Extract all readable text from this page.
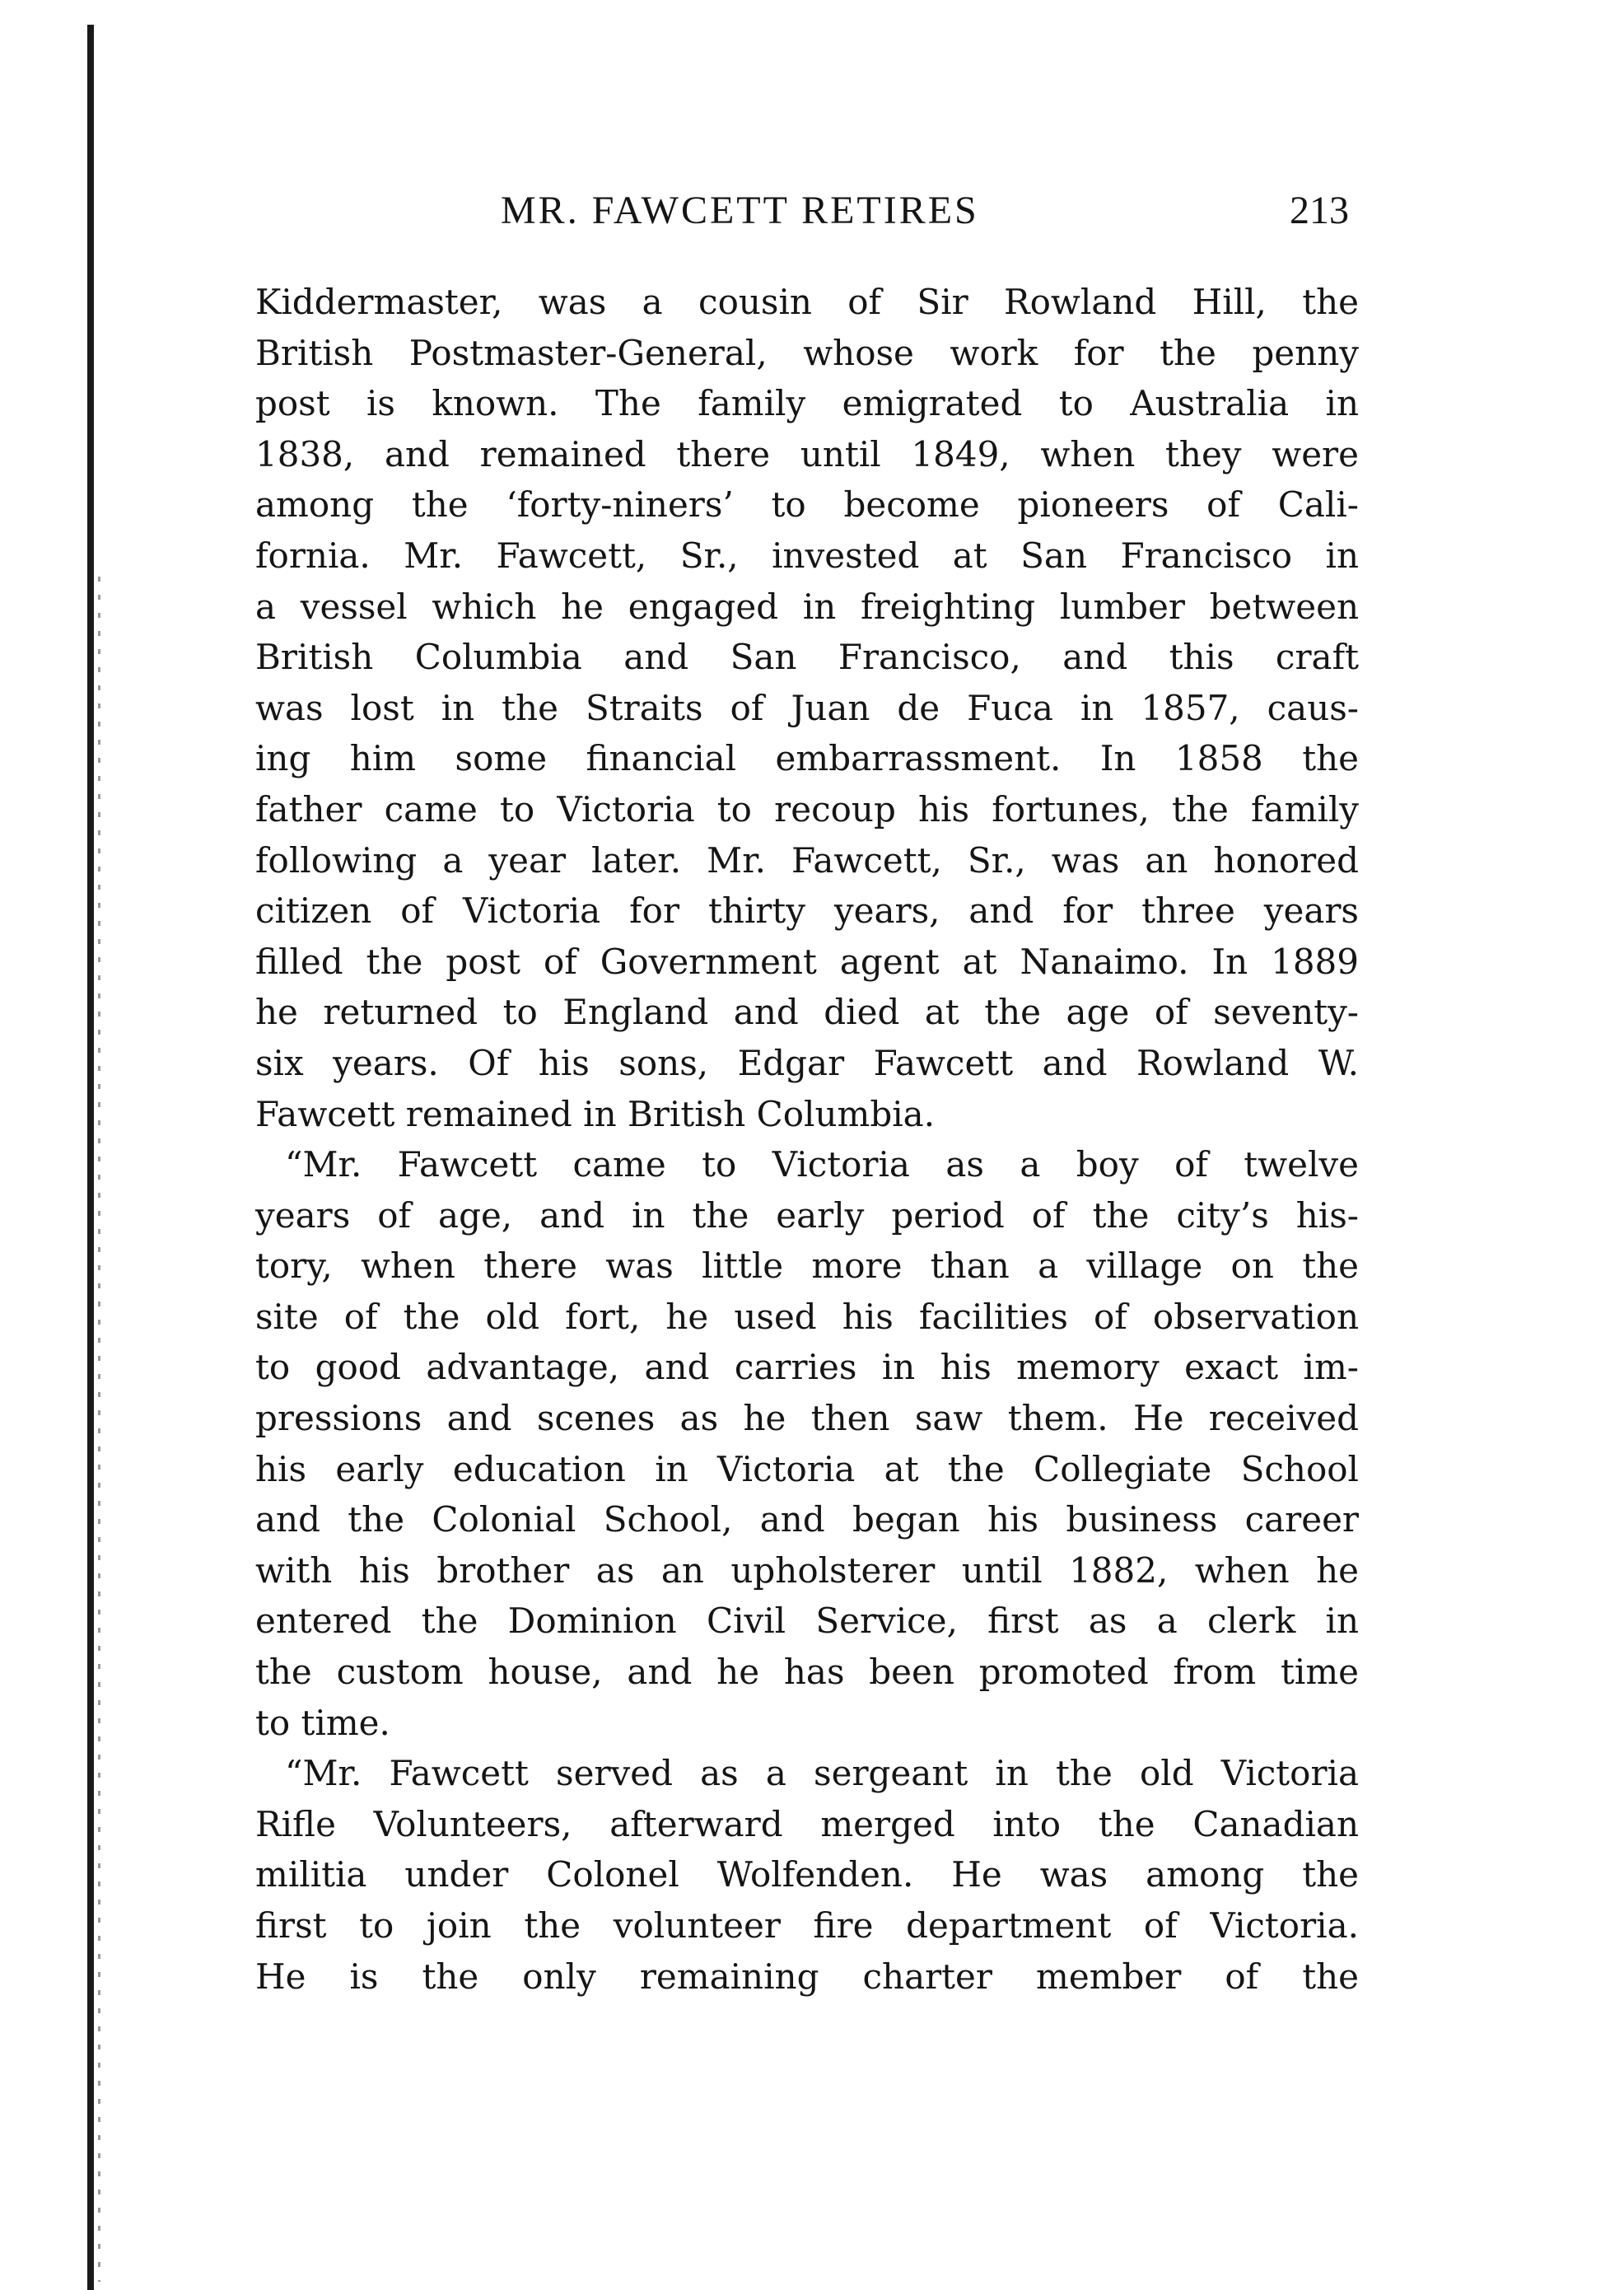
MR. FAWCETT RETIRES	213
Kiddermaster, was a cousin of Sir Rowland Hill, the
British Postmaster-General, whose work for the penny
post is known. The family emigrated to Australia in
1838, and remained there until 1849, when they were
among the ‘forty-niners’ to become pioneers of Cali-
fornia. Mr. Fawcett, Sr., invested at San Francisco in
a vessel which he engaged in freighting lumber between
British Columbia and San Francisco, and this craft
was lost in the Straits of Juan de Fuca in 1857, caus-
ing him some financial embarrassment. In 1858 the
father came to Victoria to recoup his fortunes, the family
following a year later. Mr. Fawcett, Sr., was an honored
citizen of Victoria for thirty years, and for three years
filled the post of Government agent at Nanaimo. In 1889
he returned to England and died at the age of seventy-
six years. Of his sons, Edgar Fawcett and Rowland W.
Fawcett remained in British Columbia.
“Mr. Fawcett came to Victoria as a boy of twelve
years of age, and in the early period of the city’s his-
tory, when there was little more than a village on the
site of the old fort, he used his facilities of observation
to good advantage, and carries in his memory exact im-
pressions and scenes as he then saw them. He received
his early education in Victoria at the Collegiate School
and the Colonial School, and began his business career
with his brother as an upholsterer until 1882, when he
entered the Dominion Civil Service, first as a clerk in
the custom house, and he has been promoted from time
to time.
“Mr. Fawcett served as a sergeant in the old Victoria
Rifle Volunteers, afterward merged into the Canadian
militia under Colonel Wolfenden. He was among the
first to join the volunteer fire department of Victoria.
He is the only remaining charter member of the
